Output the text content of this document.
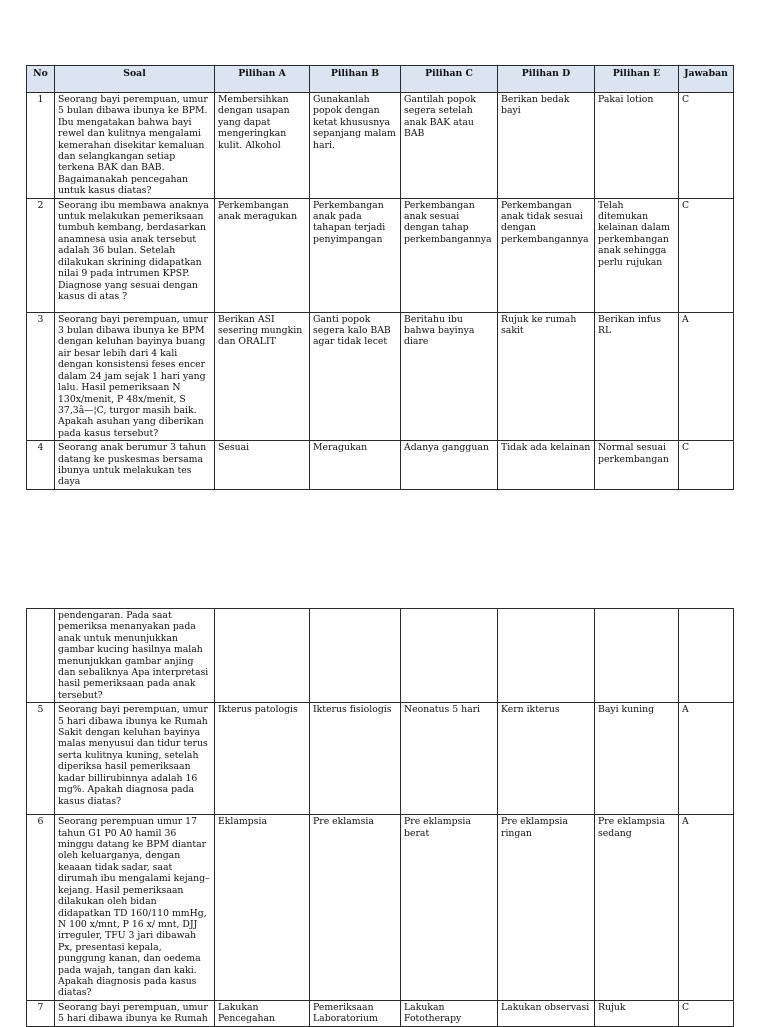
No	Soal	Pilihan A	Pilihan B	Pilihan C	Pilihan D	Pilihan E	Jawaban
1	Seorang bayi perempuan, umur 5 bulan dibawa ibunya ke BPM. Ibu mengatakan bahwa bayi rewel dan kulitnya mengalami kemerahan disekitar kemaluan dan selangkangan setiap terkena BAK dan BAB. Bagaimanakah pencegahan untuk kasus diatas?	Membersihkan dengan usapan yang dapat mengeringkan kulit. Alkohol	Gunakanlah popok dengan ketat khususnya sepanjang malam hari.	Gantilah popok segera setelah anak BAK atau BAB	Berikan bedak bayi	Pakai lotion	C
2	Seorang ibu membawa anaknya untuk melakukan pemeriksaan tumbuh kembang, berdasarkan anamnesa usia anak tersebut adalah 36 bulan. Setelah dilakukan skrining didapatkan nilai 9 pada intrumen KPSP. Diagnose yang sesuai dengan kasus di atas ?	Perkembangan anak meragukan	Perkembangan anak pada tahapan terjadi penyimpangan	Perkembangan anak sesuai dengan tahap perkembangannya	Perkembangan anak tidak sesuai dengan perkembangannya	Telah ditemukan kelainan dalam perkembangan anak sehingga perlu rujukan	C
3	Seorang bayi perempuan, umur 3 bulan dibawa ibunya ke BPM dengan keluhan bayinya buang air besar lebih dari 4 kali dengan konsistensi feses encer dalam 24 jam sejak 1 hari yang lalu. Hasil pemeriksaan N 130x/menit, P 48x/menit, S 37,3â—¦C, turgor masih baik. Apakah asuhan yang diberikan pada kasus tersebut?	Berikan ASI sesering mungkin dan ORALIT	Ganti popok segera kalo BAB agar tidak lecet	Beritahu ibu bahwa bayinya diare	Rujuk ke rumah sakit	Berikan infus RL	A
4	Seorang anak berumur 3 tahun datang ke puskesmas bersama ibunya untuk melakukan tes daya	Sesuai	Meragukan	Adanya gangguan	Tidak ada kelainan	Normal sesuai perkembangan	C
	pendengaran. Pada saat pemeriksa menanyakan pada anak untuk menunjukkan gambar kucing hasilnya malah menunjukkan gambar anjing dan sebaliknya Apa interpretasi hasil pemeriksaan pada anak tersebut?						
5	Seorang bayi perempuan, umur 5 hari dibawa ibunya ke Rumah Sakit dengan keluhan bayinya malas menyusui dan tidur terus serta kulitnya kuning, setelah diperiksa hasil pemeriksaan kadar billirubinnya adalah 16 mg%. Apakah diagnosa pada kasus diatas?	Ikterus patologis	Ikterus fisiologis	Neonatus 5 hari	Kern ikterus	Bayi kuning	A
6	Seorang perempuan umur 17 tahun G1 P0 A0 hamil 36 minggu datang ke BPM diantar oleh keluarganya, dengan keaaan tidak sadar, saat dirumah ibu mengalami kejang–kejang. Hasil pemeriksaan dilakukan oleh bidan didapatkan TD 160/110 mmHg, N 100 x/mnt, P 16 x/ mnt, DJJ irreguler, TFU 3 jari dibawah Px, presentasi kepala, punggung kanan, dan oedema pada wajah, tangan dan kaki. Apakah diagnosis pada kasus diatas?	Eklampsia	Pre eklamsia	Pre eklampsia berat	Pre eklampsia ringan	Pre eklampsia sedang	A
7	Seorang bayi perempuan, umur 5 hari dibawa ibunya ke Rumah	Lakukan Pencegahan	Pemeriksaan Laboratorium	Lakukan Fototherapy	Lakukan observasi	Rujuk	C
